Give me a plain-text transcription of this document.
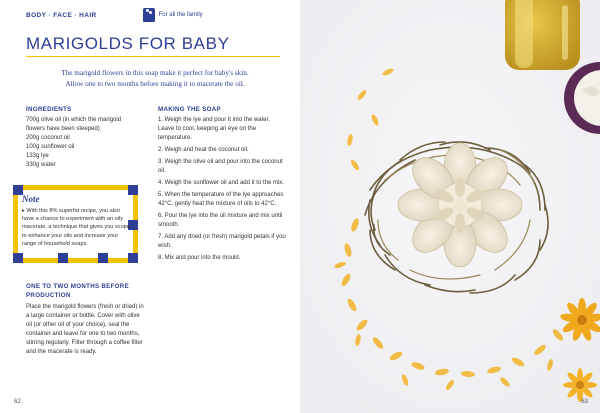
BODY · FACE · HAIR	For all the family
MARIGOLDS FOR BABY
The marigold flowers in this soap make it perfect for baby's skin.
Allow one to two months before making it to macerate the oil.
INGREDIENTS
700g olive oil (in which the marigold
flowers have been steeped)
200g coconut oil
100g sunflower oil
133g lye
330g water
Note
▸ With this 8% superfat recipe, you also have a chance to experiment with an oily macerate, a technique that gives you scope to enhance your oils and increase your range of household soaps.
ONE TO TWO MONTHS BEFORE
PRODUCTION
Place the marigold flowers (fresh or dried) in a large container or bottle. Cover with olive oil (or other oil of your choice), seal the container and leave for one to two months, stirring regularly. Filter through a coffee filter and the macerate is ready.
MAKING THE SOAP
1. Weigh the lye and pour it into the water. Leave to cool, keeping an eye on the temperature.
2. Weigh and heat the coconut oil.
3. Weigh the olive oil and pour into the coconut oil.
4. Weigh the sunflower oil and add it to the mix.
5. When the temperature of the lye approaches 42°C, gently heat the mixture of oils to 42°C.
6. Pour the lye into the oil mixture and mix until smooth.
7. Add any dried (or fresh) marigold petals if you wish.
8. Mix and pour into the mould.
62	63
